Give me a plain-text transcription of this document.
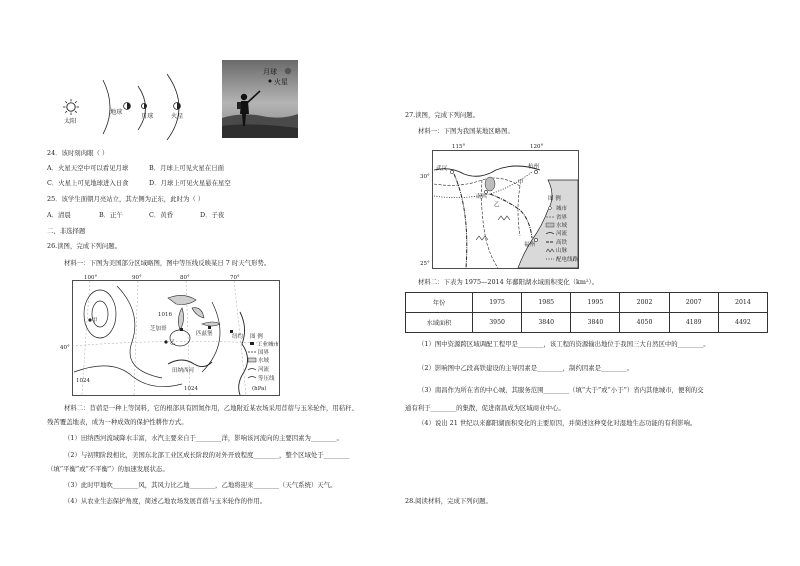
太阳
地球
月球	火星
月球
火星
24．该时刻肉眼（ ）
A．火星天空中可以看见月球	B．月球上可见火星在日面
C．火星上可见地球进入日食	D．月球上可见火星悬在星空
25．该学生面朝月亮站立，其左侧为正东，此时为（ ）
A．清晨	B．正午	C．黄昏	D．子夜
二、非选择题
26.读图，完成下列问题。
材料一：下图为美国部分区域略图，图中等压线反映某日 7 时天气形势。
100°	90°	80°	70°
40°
甲
乙
芝加哥
匹兹堡	纽约
田纳西河
1024
1016
1024
图 例
工业城市
国界
水域
河流
等压线
(hPa)
材料二：苜蓿是一种上等饲料，它的根部具有固氮作用，乙地附近某农场采用苜蓿与玉米轮作，用秸秆、
残苦覆盖地表，成为一种成效的保护性耕作方式。
（1）田纳西河流域降水丰富，水汽主要来自于________洋，影响该河流向的主要因素为________。
（2）与初期阶段相比，美国东北部工业区成长阶段的对外开放程度________，整个区域处于________
（填“平衡”或“不平衡”）的加速发展状态。
（3）此时甲地吹________风，其风力比乙地________，乙地将迎来________（天气系统）天气。
（4）从农业生态保护角度，简述乙地农场发展苜蓿与玉米轮作的作用。
27.读图，完成下列问题。
材料一：下图为我国某地区略图。
115°	120°
30°
25°
武汉	杭州
南昌
甲
乙
福州
图 例
城市
省界
水域
河流
高铁
山脉
配电线路
材料二：下表为 1975—2014 年鄱阳湖水域面积变化（km²）。
年份	1975	1985	1995	2002	2007	2014
水域面积	3950	3840	3840	4050	4189	4492
（1）图中资源跨区域调配工程甲是________，该工程的资源输出地位于我国三大自然区中的________。
（2）影响图中乙段高铁建设的主导因素是________，制约因素是________。
（3）南昌作为所在省的中心城，其服务范围________（填“大于”或“小于”）省内其他城市，便利的交
通有利于________的集散，促进南昌成为区域商业中心。
（4）说出 21 世纪以来鄱阳湖面积变化的主要原因，并简述这种变化对湿地生态功能的有利影响。
28.阅读材料，完成下列问题。
